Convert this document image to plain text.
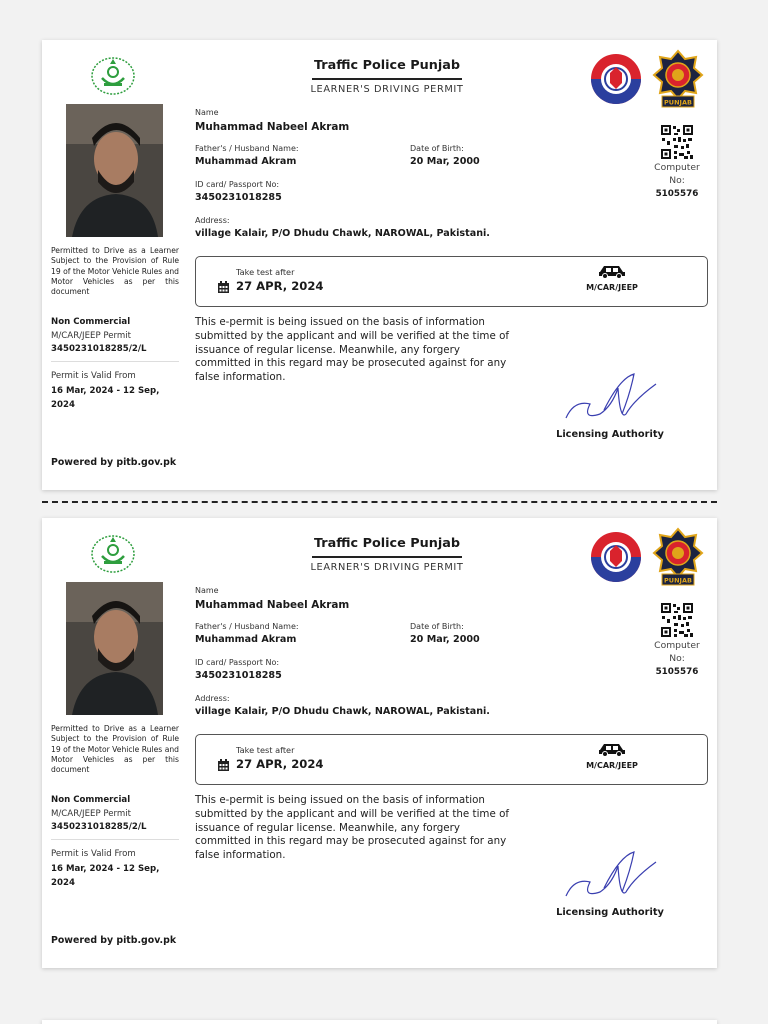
Permitted to Drive as a Learner Subject to the Provision of Rule 19 of the Motor Vehicle Rules and Motor Vehicles as per this document
Non Commercial
M/CAR/JEEP Permit
3450231018285/2/L
Permit is Valid From
16 Mar, 2024 - 12 Sep, 2024
Powered by pitb.gov.pk
Traffic Police Punjab
LEARNER'S DRIVING PERMIT
PUNJAB
Name
Muhammad Nabeel Akram
Father's / Husband Name:
Muhammad Akram
Date of Birth:
20 Mar, 2000
ID card/ Passport No:
3450231018285
Address:
village Kalair, P/O Dhudu Chawk, NAROWAL, Pakistani.
Computer No:
5105576
Take test after
27 APR, 2024	M/CAR/JEEP
This e-permit is being issued on the basis of information submitted by the applicant and will be verified at the time of issuance of regular license. Meanwhile, any forgery committed in this regard may be prosecuted against for any false information.
Licensing Authority
Permitted to Drive as a Learner Subject to the Provision of Rule 19 of the Motor Vehicle Rules and Motor Vehicles as per this document
Non Commercial
M/CAR/JEEP Permit
3450231018285/2/L
Permit is Valid From
16 Mar, 2024 - 12 Sep, 2024
Powered by pitb.gov.pk
Traffic Police Punjab
LEARNER'S DRIVING PERMIT
PUNJAB
Name
Muhammad Nabeel Akram
Father's / Husband Name:
Muhammad Akram
Date of Birth:
20 Mar, 2000
ID card/ Passport No:
3450231018285
Address:
village Kalair, P/O Dhudu Chawk, NAROWAL, Pakistani.
Computer No:
5105576
Take test after
27 APR, 2024	M/CAR/JEEP
This e-permit is being issued on the basis of information submitted by the applicant and will be verified at the time of issuance of regular license. Meanwhile, any forgery committed in this regard may be prosecuted against for any false information.
Licensing Authority
